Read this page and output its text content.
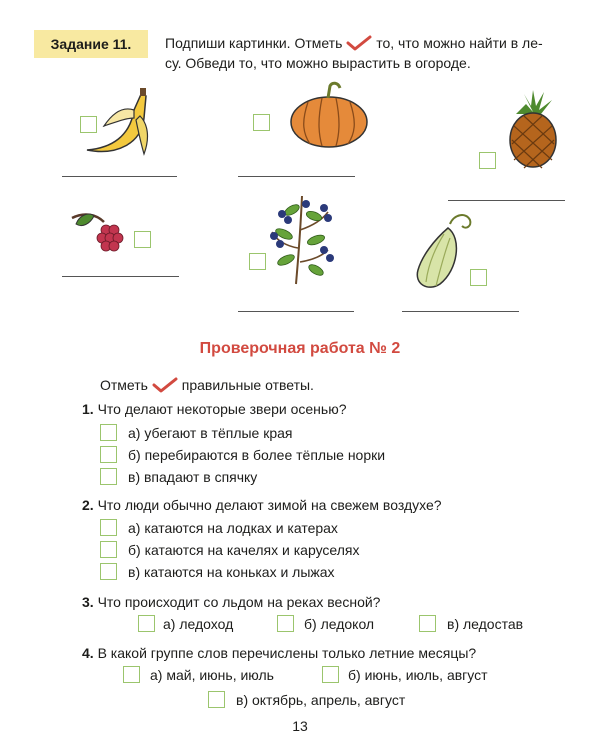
Задание 11.	Подпиши картинки. Отметь то, что можно найти в ле-
су. Обведи то, что можно вырастить в огороде.
Проверочная работа № 2
Отметь правильные ответы.
1. Что делают некоторые звери осенью?
а) убегают в тёплые края
б) перебираются в более тёплые норки
в) впадают в спячку
2. Что люди обычно делают зимой на свежем воздухе?
а) катаются на лодках и катерах
б) катаются на качелях и каруселях
в) катаются на коньках и лыжах
3. Что происходит со льдом на реках весной?
а) ледоход	б) ледокол	в) ледостав
4. В какой группе слов перечислены только летние месяцы?
а) май, июнь, июль	б) июнь, июль, август
в) октябрь, апрель, август
13
